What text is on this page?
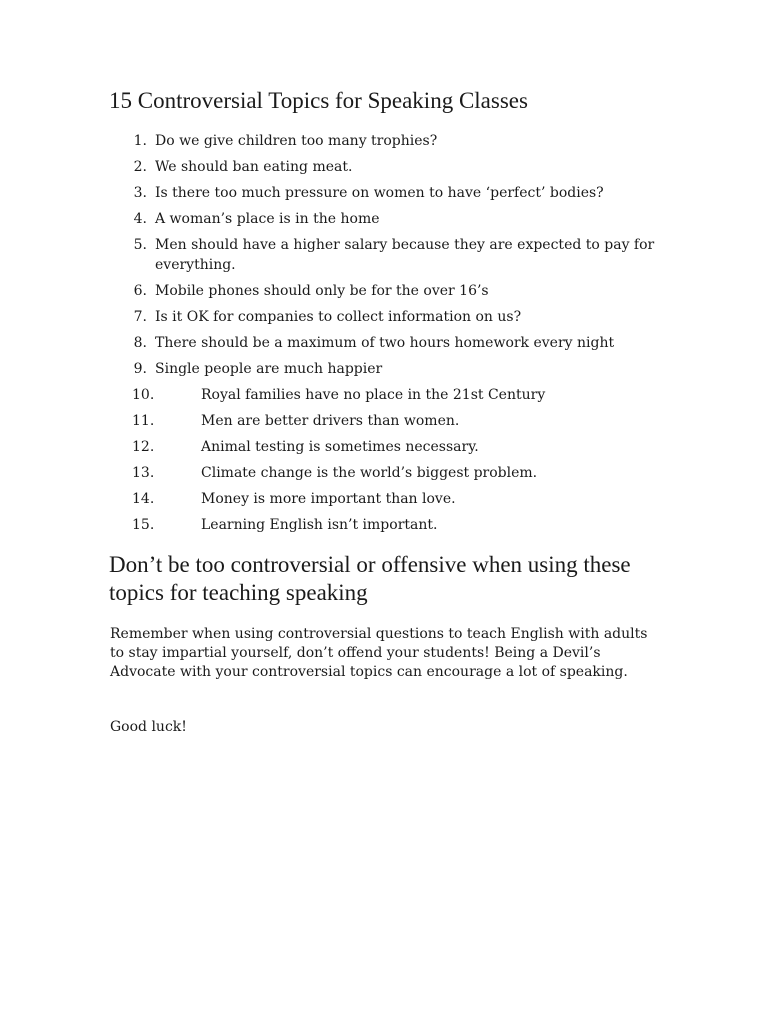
15 Controversial Topics for Speaking Classes
1. Do we give children too many trophies?
2. We should ban eating meat.
3. Is there too much pressure on women to have ‘perfect’ bodies?
4. A woman’s place is in the home
5. Men should have a higher salary because they are expected to pay for everything.
6. Mobile phones should only be for the over 16’s
7. Is it OK for companies to collect information on us?
8. There should be a maximum of two hours homework every night
9. Single people are much happier
10.	Royal families have no place in the 21st Century
11.	Men are better drivers than women.
12.	Animal testing is sometimes necessary.
13.	Climate change is the world’s biggest problem.
14.	Money is more important than love.
15.	Learning English isn’t important.
Don’t be too controversial or offensive when using these topics for teaching speaking

Remember when using controversial questions to teach English with adults to stay impartial yourself, don’t offend your students! Being a Devil’s Advocate with your controversial topics can encourage a lot of speaking.

Good luck!
